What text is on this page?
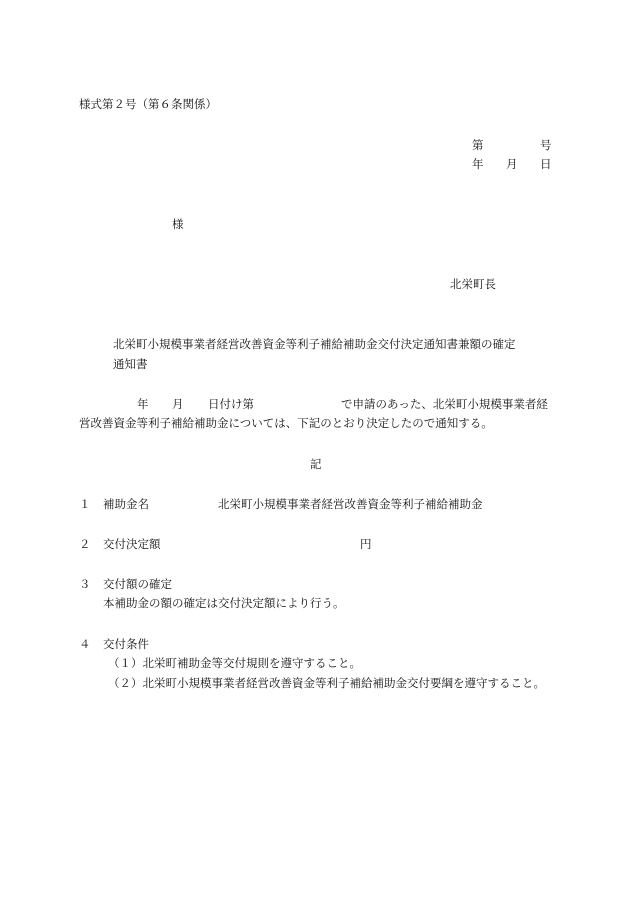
様式第２号（第６条関係）
第	号
年 月 日
様
北栄町長
北栄町小規模事業者経営改善資金等利子補給補助金交付決定通知書兼額の確定
通知書
年 月 日付け第	で申請のあった、北栄町小規模事業者経
営改善資金等利子補給補助金については、下記のとおり決定したので通知する。
記
１ 補助金名	北栄町小規模事業者経営改善資金等利子補給補助金
２ 交付決定額	円
３ 交付額の確定
本補助金の額の確定は交付決定額により行う。
４ 交付条件
（１）北栄町補助金等交付規則を遵守すること。
（２）北栄町小規模事業者経営改善資金等利子補給補助金交付要綱を遵守すること。
